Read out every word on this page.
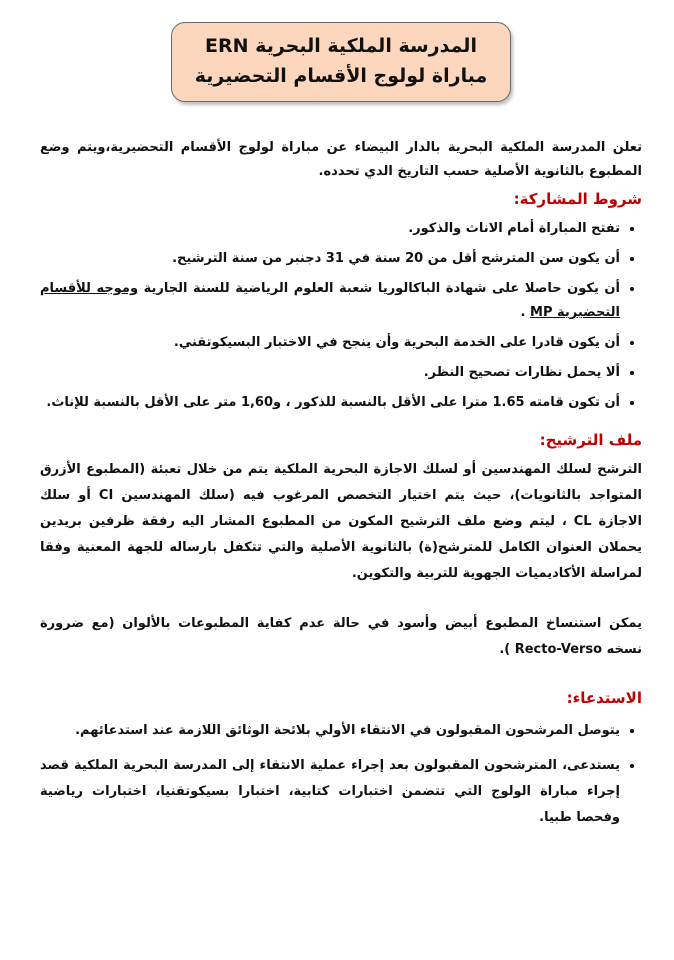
المدرسة الملكية البحرية ERN
مباراة لولوج الأقسام التحضيرية

تعلن المدرسة الملكية البحرية بالدار البيضاء عن مباراة لولوج الأقسام التحضيرية،ويتم وضع المطبوع بالثانوية الأصلية حسب التاريخ الدي تحدده.

شروط المشاركة:

• تفتح المباراة أمام الاناث والذكور.
• أن يكون سن المترشح أقل من 20 سنة في 31 دجنبر من سنة الترشيح.
• أن يكون حاصلا على شهادة الباكالوريا شعبة العلوم الرياضية للسنة الجارية وموجه للأقسام التحضيرية MP .
• أن يكون قادرا على الخدمة البحرية وأن ينجح في الاختبار البسيكوتقني.
• ألا يحمل نظارات تصحيح النظر.
• أن تكون قامته 1.65 مترا على الأقل بالنسبة للذكور ، و1,60 متر على الأقل بالنسبة للإناث.

ملف الترشيح:

الترشح لسلك المهندسين أو لسلك الاجازة البحرية الملكية يتم من خلال تعبئة (المطبوع الأزرق المتواجد بالثانويات)، حيث يتم اختيار التخصص المرغوب فيه (سلك المهندسين CI أو سلك الاجازة CL ، ليتم وضع ملف الترشيح المكون من المطبوع المشار اليه رفقة ظرفين بريدين يحملان العنوان الكامل للمترشح(ة) بالثانوية الأصلية والتي تتكفل بارساله للجهة المعنية وفقا لمراسلة الأكاديميات الجهوية للتربية والتكوين.

يمكن استنساخ المطبوع أبيض وأسود في حالة عدم كفاية المطبوعات بالألوان (مع ضرورة نسخه Recto-Verso ).

الاستدعاء:

• يتوصل المرشحون المقبولون في الانتقاء الأولي بلائحة الوثائق اللازمة عند استدعائهم.
• يستدعى، المترشحون المقبولون بعد إجراء عملية الانتقاء إلى المدرسة البحرية الملكية قصد إجراء مباراة الولوج التي تتضمن اختبارات كتابية، اختبارا بسيكوتقنيا، اختبارات رياضية وفحصا طبيا.
